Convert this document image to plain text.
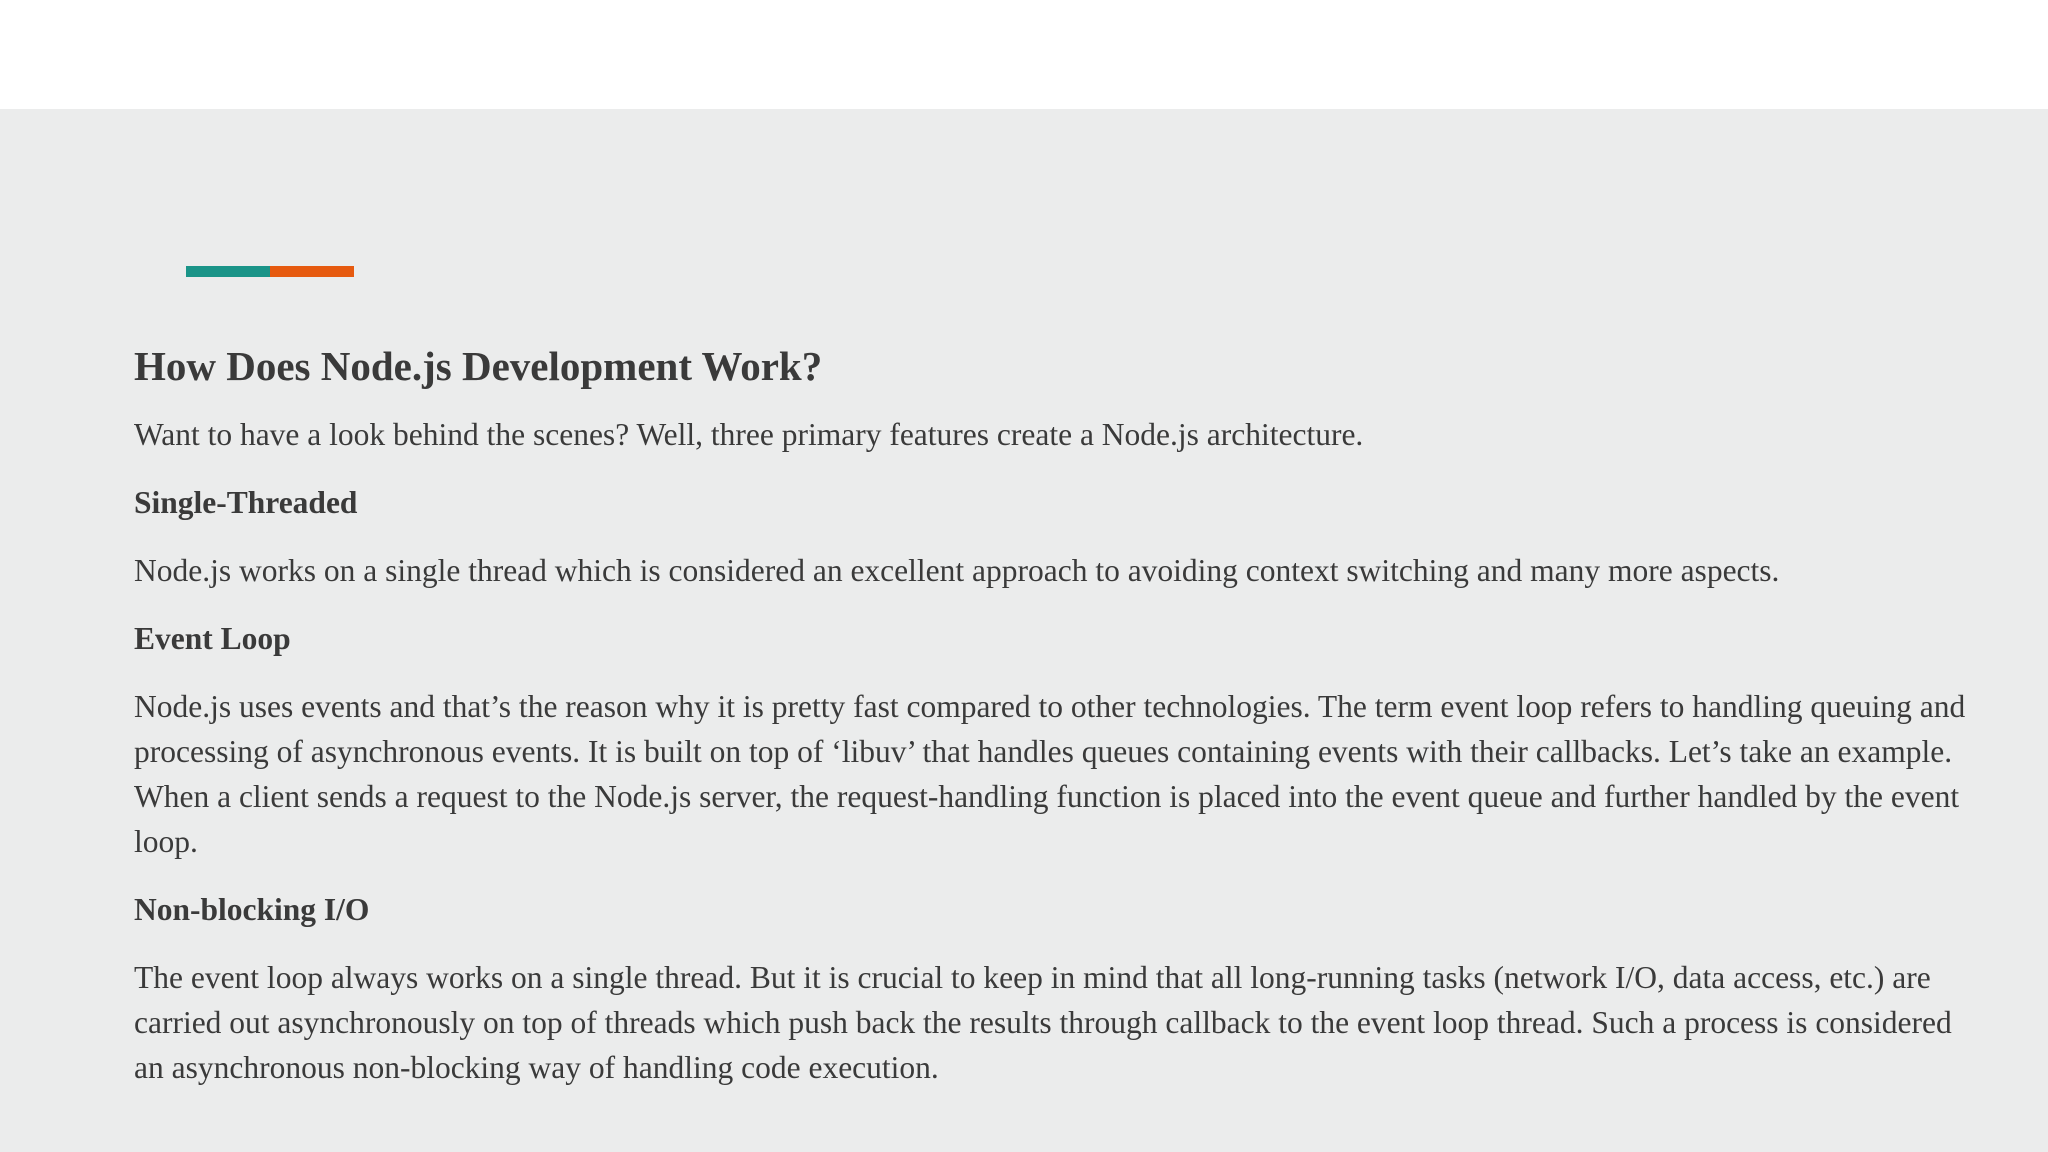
How Does Node.js Development Work?

Want to have a look behind the scenes? Well, three primary features create a Node.js architecture.

Single-Threaded

Node.js works on a single thread which is considered an excellent approach to avoiding context switching and many more aspects.

Event Loop

Node.js uses events and that’s the reason why it is pretty fast compared to other technologies. The term event loop refers to handling queuing and processing of asynchronous events. It is built on top of ‘libuv’ that handles queues containing events with their callbacks. Let’s take an example. When a client sends a request to the Node.js server, the request-handling function is placed into the event queue and further handled by the event loop.

Non-blocking I/O

The event loop always works on a single thread. But it is crucial to keep in mind that all long-running tasks (network I/O, data access, etc.) are carried out asynchronously on top of threads which push back the results through callback to the event loop thread. Such a process is considered an asynchronous non-blocking way of handling code execution.
